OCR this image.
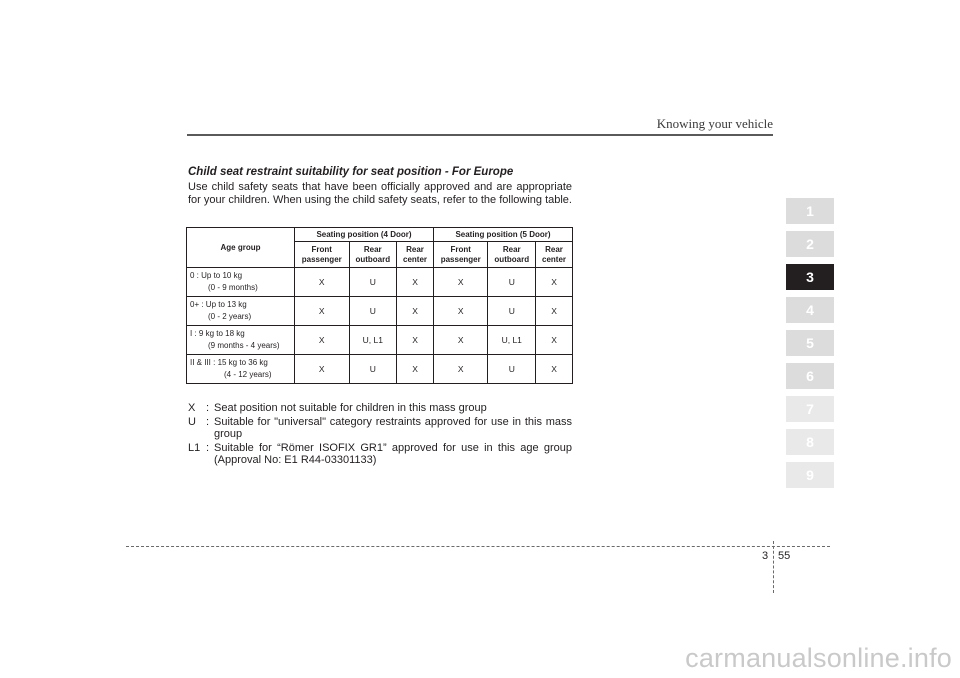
Knowing your vehicle
Child seat restraint suitability for seat position - For Europe
Use child safety seats that have been officially approved and are appropriate for your children. When using the child safety seats, refer to the following table.
Age group	Seating position (4 Door)			Seating position (5 Door)		
	Front passenger	Rear outboard	Rear center	Front passenger	Rear outboard	Rear center
0 : Up to 10 kg
(0 - 9 months)	X	U	X	X	U	X
0+ : Up to 13 kg
(0 - 2 years)	X	U	X	X	U	X
I : 9 kg to 18 kg
(9 months - 4 years)	X	U, L1	X	X	U, L1	X
II & III : 15 kg to 36 kg
(4 - 12 years)	X	U	X	X	U	X
X : Seat position not suitable for children in this mass group
U : Suitable for "universal" category restraints approved for use in this mass group
L1 : Suitable for “Römer ISOFIX GR1” approved for use in this age group (Approval No: E1 R44-03301133)
1
2
3
4
5
6
7
8
9
3 55
carmanualsonline.info
